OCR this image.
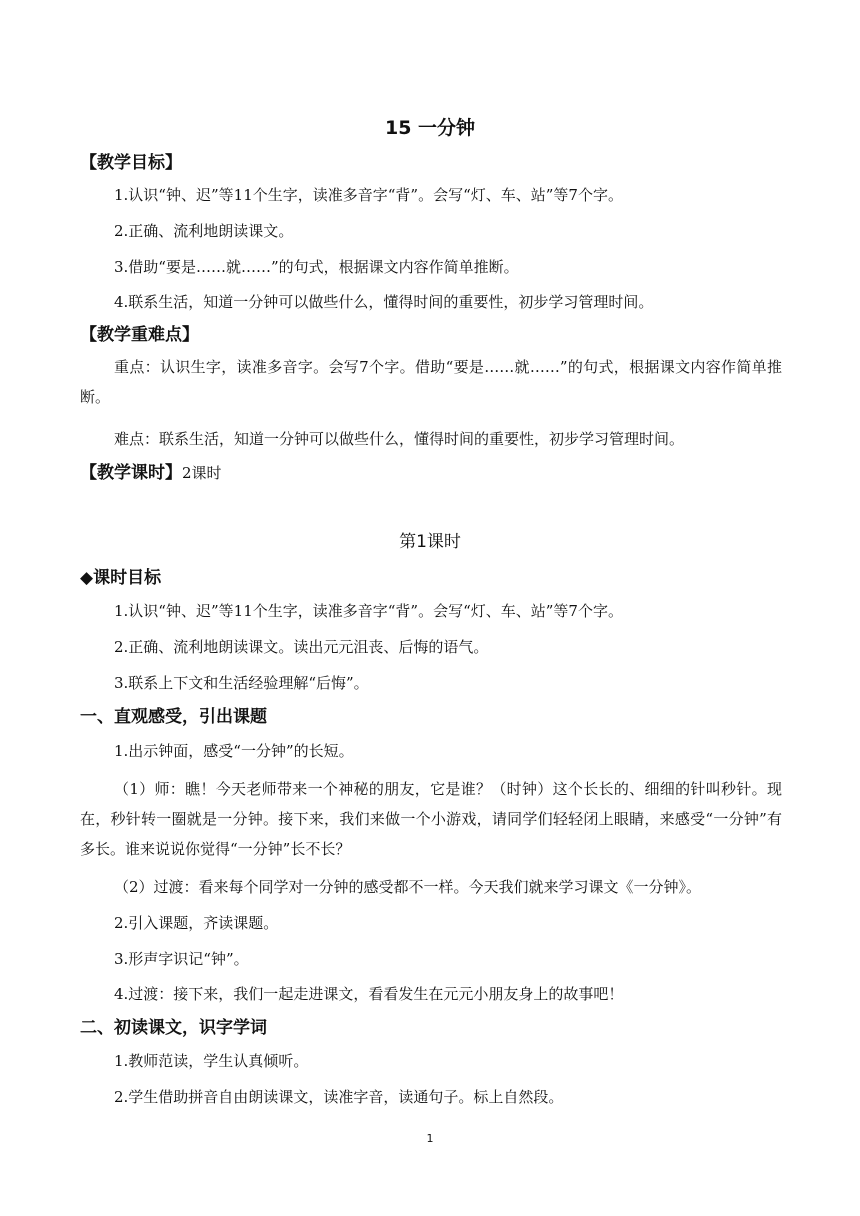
15 一分钟
【教学目标】
1.认识“钟、迟”等11个生字，读准多音字“背”。会写“灯、车、站”等7个字。
2.正确、流利地朗读课文。
3.借助“要是……就……”的句式，根据课文内容作简单推断。
4.联系生活，知道一分钟可以做些什么，懂得时间的重要性，初步学习管理时间。
【教学重难点】
重点：认识生字，读准多音字。会写7个字。借助“要是……就……”的句式，根据课文内容作简单推断。
难点：联系生活，知道一分钟可以做些什么，懂得时间的重要性，初步学习管理时间。
【教学课时】2课时
第1课时
◆课时目标
1.认识“钟、迟”等11个生字，读准多音字“背”。会写“灯、车、站”等7个字。
2.正确、流利地朗读课文。读出元元沮丧、后悔的语气。
3.联系上下文和生活经验理解“后悔”。
一、直观感受，引出课题
1.出示钟面，感受“一分钟”的长短。
（1）师：瞧！今天老师带来一个神秘的朋友，它是谁？（时钟）这个长长的、细细的针叫秒针。现在，秒针转一圈就是一分钟。接下来，我们来做一个小游戏，请同学们轻轻闭上眼睛，来感受“一分钟”有多长。谁来说说你觉得“一分钟”长不长？
（2）过渡：看来每个同学对一分钟的感受都不一样。今天我们就来学习课文《一分钟》。
2.引入课题，齐读课题。
3.形声字识记“钟”。
4.过渡：接下来，我们一起走进课文，看看发生在元元小朋友身上的故事吧！
二、初读课文，识字学词
1.教师范读，学生认真倾听。
2.学生借助拼音自由朗读课文，读准字音，读通句子。标上自然段。
1
